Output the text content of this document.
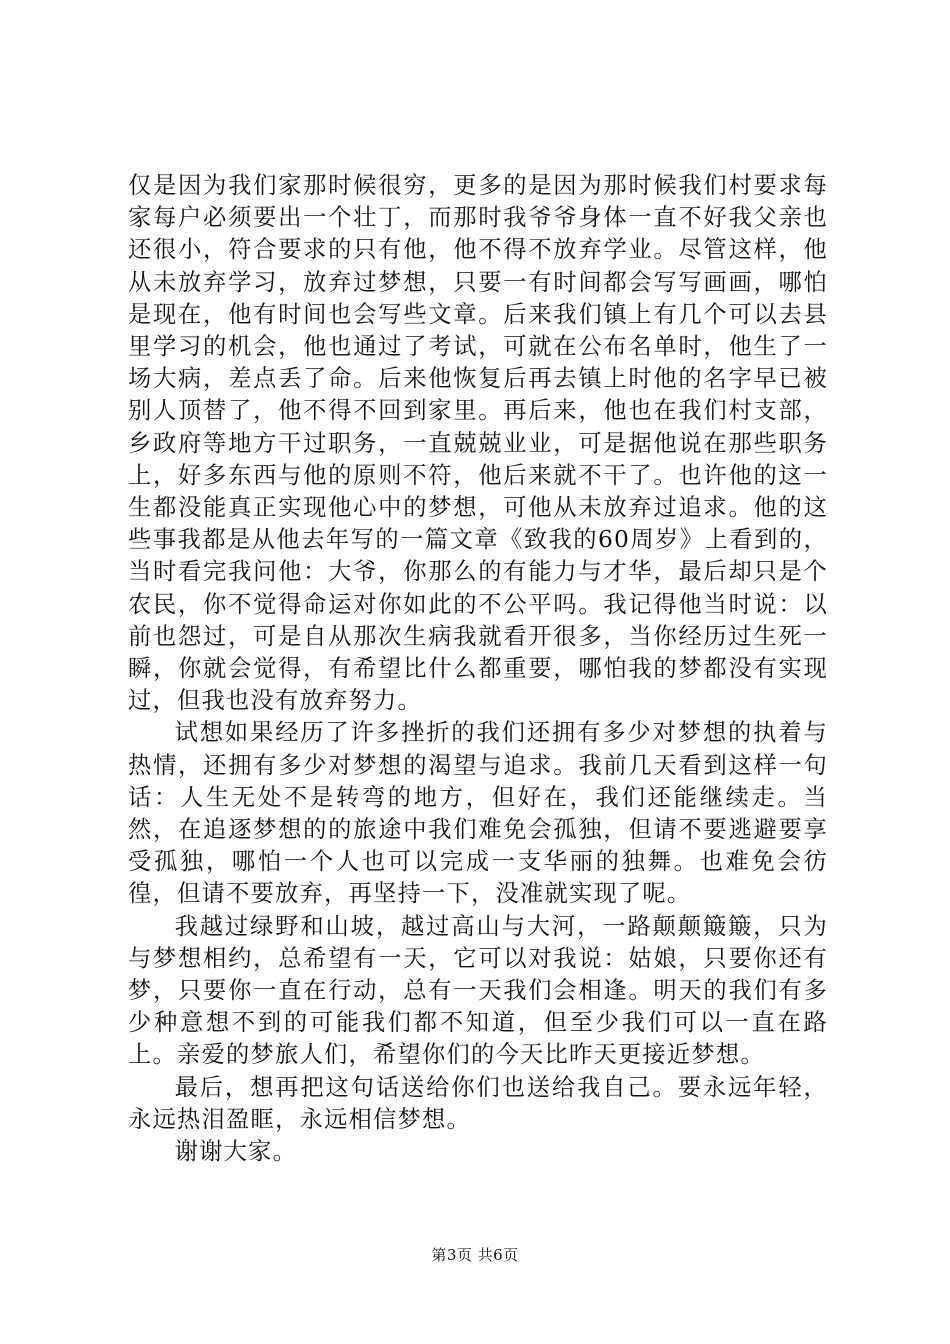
仅是因为我们家那时候很穷，更多的是因为那时候我们村要求每家每户必须要出一个壮丁，而那时我爷爷身体一直不好我父亲也还很小，符合要求的只有他，他不得不放弃学业。尽管这样，他从未放弃学习，放弃过梦想，只要一有时间都会写写画画，哪怕是现在，他有时间也会写些文章。后来我们镇上有几个可以去县里学习的机会，他也通过了考试，可就在公布名单时，他生了一场大病，差点丢了命。后来他恢复后再去镇上时他的名字早已被别人顶替了，他不得不回到家里。再后来，他也在我们村支部，乡政府等地方干过职务，一直兢兢业业，可是据他说在那些职务上，好多东西与他的原则不符，他后来就不干了。也许他的这一生都没能真正实现他心中的梦想，可他从未放弃过追求。他的这些事我都是从他去年写的一篇文章《致我的60周岁》上看到的，当时看完我问他：大爷，你那么的有能力与才华，最后却只是个农民，你不觉得命运对你如此的不公平吗。我记得他当时说：以前也怨过，可是自从那次生病我就看开很多，当你经历过生死一瞬，你就会觉得，有希望比什么都重要，哪怕我的梦都没有实现过，但我也没有放弃努力。

试想如果经历了许多挫折的我们还拥有多少对梦想的执着与热情，还拥有多少对梦想的渴望与追求。我前几天看到这样一句话：人生无处不是转弯的地方，但好在，我们还能继续走。当然，在追逐梦想的的旅途中我们难免会孤独，但请不要逃避要享受孤独，哪怕一个人也可以完成一支华丽的独舞。也难免会彷徨，但请不要放弃，再坚持一下，没准就实现了呢。

我越过绿野和山坡，越过高山与大河，一路颠颠簸簸，只为与梦想相约，总希望有一天，它可以对我说：姑娘，只要你还有梦，只要你一直在行动，总有一天我们会相逢。明天的我们有多少种意想不到的可能我们都不知道，但至少我们可以一直在路上。亲爱的梦旅人们，希望你们的今天比昨天更接近梦想。

最后，想再把这句话送给你们也送给我自己。要永远年轻，永远热泪盈眶，永远相信梦想。

谢谢大家。

第3页 共6页
